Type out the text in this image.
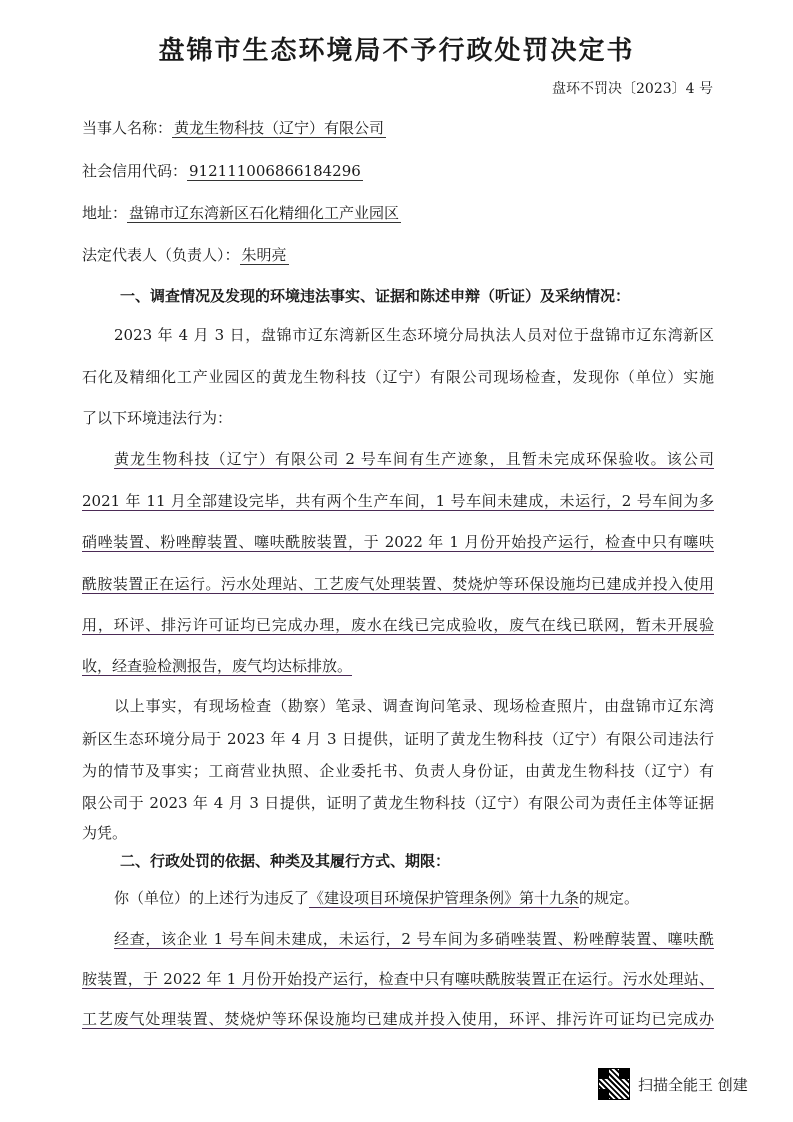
盘锦市生态环境局不予行政处罚决定书
盘环不罚决〔2023〕4 号
当事人名称： 黄龙生物科技（辽宁）有限公司
社会信用代码： 912111006866184296
地址： 盘锦市辽东湾新区石化精细化工产业园区
法定代表人（负责人）： 朱明亮
一、调查情况及发现的环境违法事实、证据和陈述申辩（听证）及采纳情况：
2023 年 4 月 3 日，盘锦市辽东湾新区生态环境分局执法人员对位于盘锦市辽东湾新区
石化及精细化工产业园区的黄龙生物科技（辽宁）有限公司现场检查，发现你（单位）实施
了以下环境违法行为：
黄龙生物科技（辽宁）有限公司 2 号车间有生产迹象，且暂未完成环保验收。该公司
2021 年 11 月全部建设完毕，共有两个生产车间，1 号车间未建成，未运行，2 号车间为多
硝唑装置、粉唑醇装置、噻呋酰胺装置，于 2022 年 1 月份开始投产运行，检查中只有噻呋
酰胺装置正在运行。污水处理站、工艺废气处理装置、焚烧炉等环保设施均已建成并投入使用
用，环评、排污许可证均已完成办理，废水在线已完成验收，废气在线已联网，暂未开展验
收，经查验检测报告，废气均达标排放。
以上事实，有现场检查（勘察）笔录、调查询问笔录、现场检查照片，由盘锦市辽东湾
新区生态环境分局于 2023 年 4 月 3 日提供，证明了黄龙生物科技（辽宁）有限公司违法行
为的情节及事实；工商营业执照、企业委托书、负责人身份证，由黄龙生物科技（辽宁）有
限公司于 2023 年 4 月 3 日提供，证明了黄龙生物科技（辽宁）有限公司为责任主体等证据
为凭。
二、行政处罚的依据、种类及其履行方式、期限：
你（单位）的上述行为违反了《建设项目环境保护管理条例》第十九条的规定。
经查，该企业 1 号车间未建成，未运行，2 号车间为多硝唑装置、粉唑醇装置、噻呋酰
胺装置，于 2022 年 1 月份开始投产运行，检查中只有噻呋酰胺装置正在运行。污水处理站、
工艺废气处理装置、焚烧炉等环保设施均已建成并投入使用，环评、排污许可证均已完成办
扫描全能王 创建
